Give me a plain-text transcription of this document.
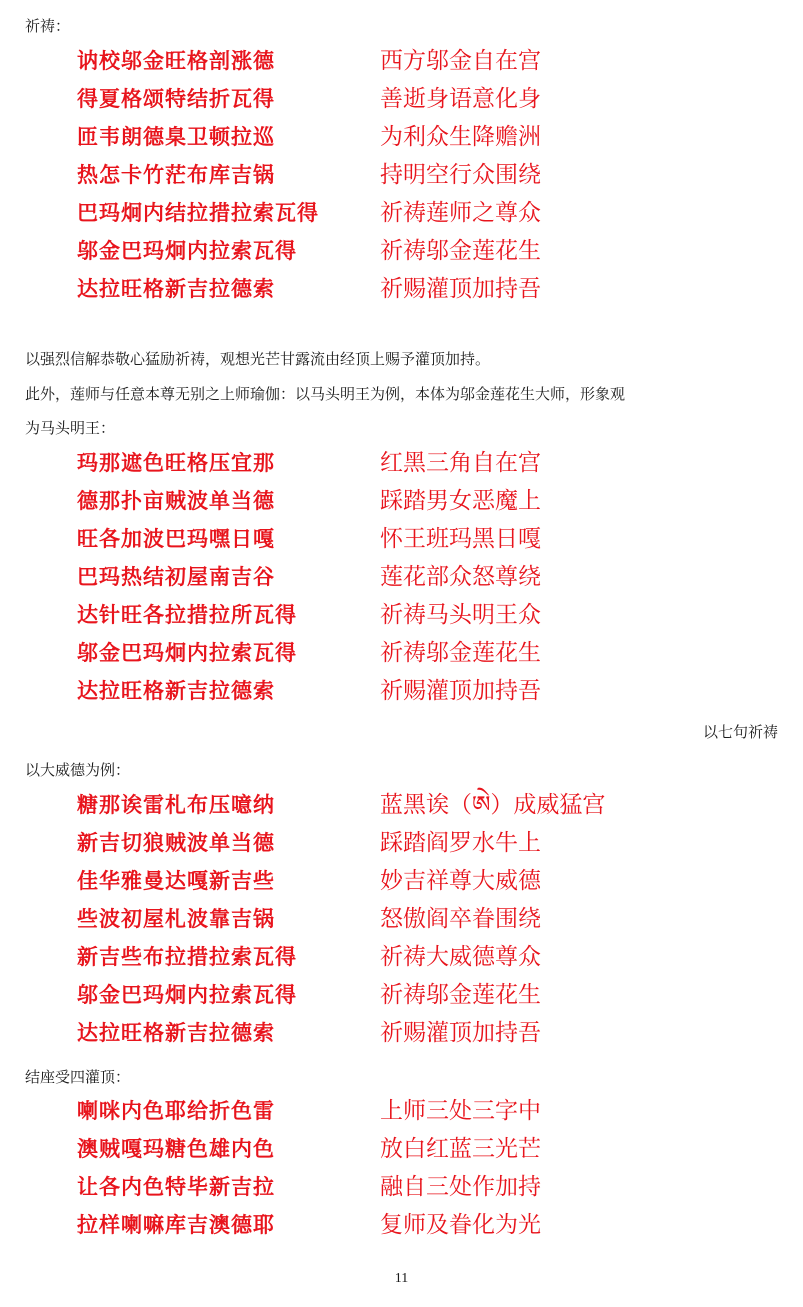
祈祷：
讷校邬金旺格剖涨德	西方邬金自在宫
得夏格颂特结折瓦得	善逝身语意化身
匝韦朗德臬卫顿拉巡	为利众生降赡洲
热怎卡竹茫布库吉锅	持明空行众围绕
巴玛炯内结拉措拉索瓦得	祈祷莲师之尊众
邬金巴玛炯内拉索瓦得	祈祷邬金莲花生
达拉旺格新吉拉德索	祈赐灌顶加持吾
以强烈信解恭敬心猛励祈祷，观想光芒甘露流由经顶上赐予灌顶加持。
此外，莲师与任意本尊无别之上师瑜伽：以马头明王为例，本体为邬金莲花生大师，形象观
为马头明王：
玛那遮色旺格压宜那	红黑三角自在宫
德那扑亩贼波单当德	踩踏男女恶魔上
旺各加波巴玛嘿日嘎	怀王班玛黑日嘎
巴玛热结初屋南吉谷	莲花部众怒尊绕
达针旺各拉措拉所瓦得	祈祷马头明王众
邬金巴玛炯内拉索瓦得	祈祷邬金莲花生
达拉旺格新吉拉德索	祈赐灌顶加持吾
以七句祈祷
以大威德为例：
糖那诶雷札布压噫纳	蓝黑诶（ཨེ）成威猛宫
新吉切狼贼波单当德	踩踏阎罗水牛上
佳华雅曼达嘎新吉些	妙吉祥尊大威德
些波初屋札波靠吉锅	怒傲阎卒眷围绕
新吉些布拉措拉索瓦得	祈祷大威德尊众
邬金巴玛炯内拉索瓦得	祈祷邬金莲花生
达拉旺格新吉拉德索	祈赐灌顶加持吾
结座受四灌顶：
喇咪内色耶给折色雷	上师三处三字中
澳贼嘎玛糖色雄内色	放白红蓝三光芒
让各内色特毕新吉拉	融自三处作加持
拉样喇嘛库吉澳德耶	复师及眷化为光
11
